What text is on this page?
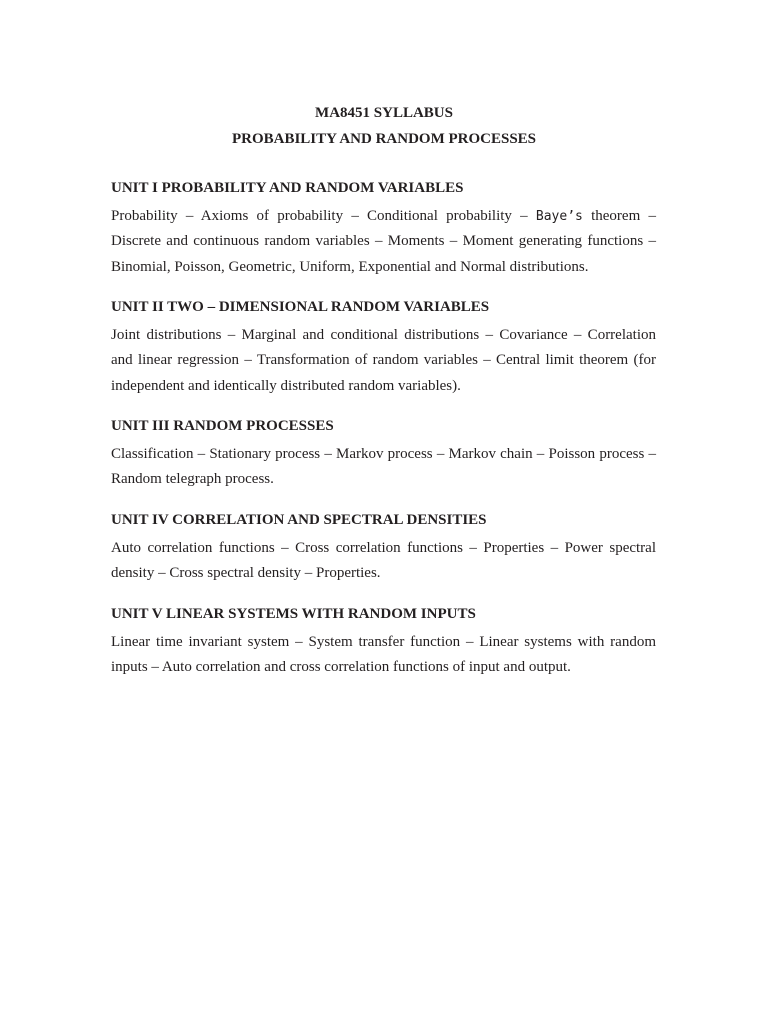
MA8451 SYLLABUS
PROBABILITY AND RANDOM PROCESSES
UNIT I PROBABILITY AND RANDOM VARIABLES

Probability – Axioms of probability – Conditional probability – Baye’s theorem – Discrete and continuous random variables – Moments – Moment generating functions – Binomial, Poisson, Geometric, Uniform, Exponential and Normal distributions.

UNIT II TWO – DIMENSIONAL RANDOM VARIABLES

Joint distributions – Marginal and conditional distributions – Covariance – Correlation and linear regression – Transformation of random variables – Central limit theorem (for independent and identically distributed random variables).

UNIT III RANDOM PROCESSES

Classification – Stationary process – Markov process – Markov chain – Poisson process – Random telegraph process.

UNIT IV CORRELATION AND SPECTRAL DENSITIES

Auto correlation functions – Cross correlation functions – Properties – Power spectral density – Cross spectral density – Properties.

UNIT V LINEAR SYSTEMS WITH RANDOM INPUTS

Linear time invariant system – System transfer function – Linear systems with random inputs – Auto correlation and cross correlation functions of input and output.
